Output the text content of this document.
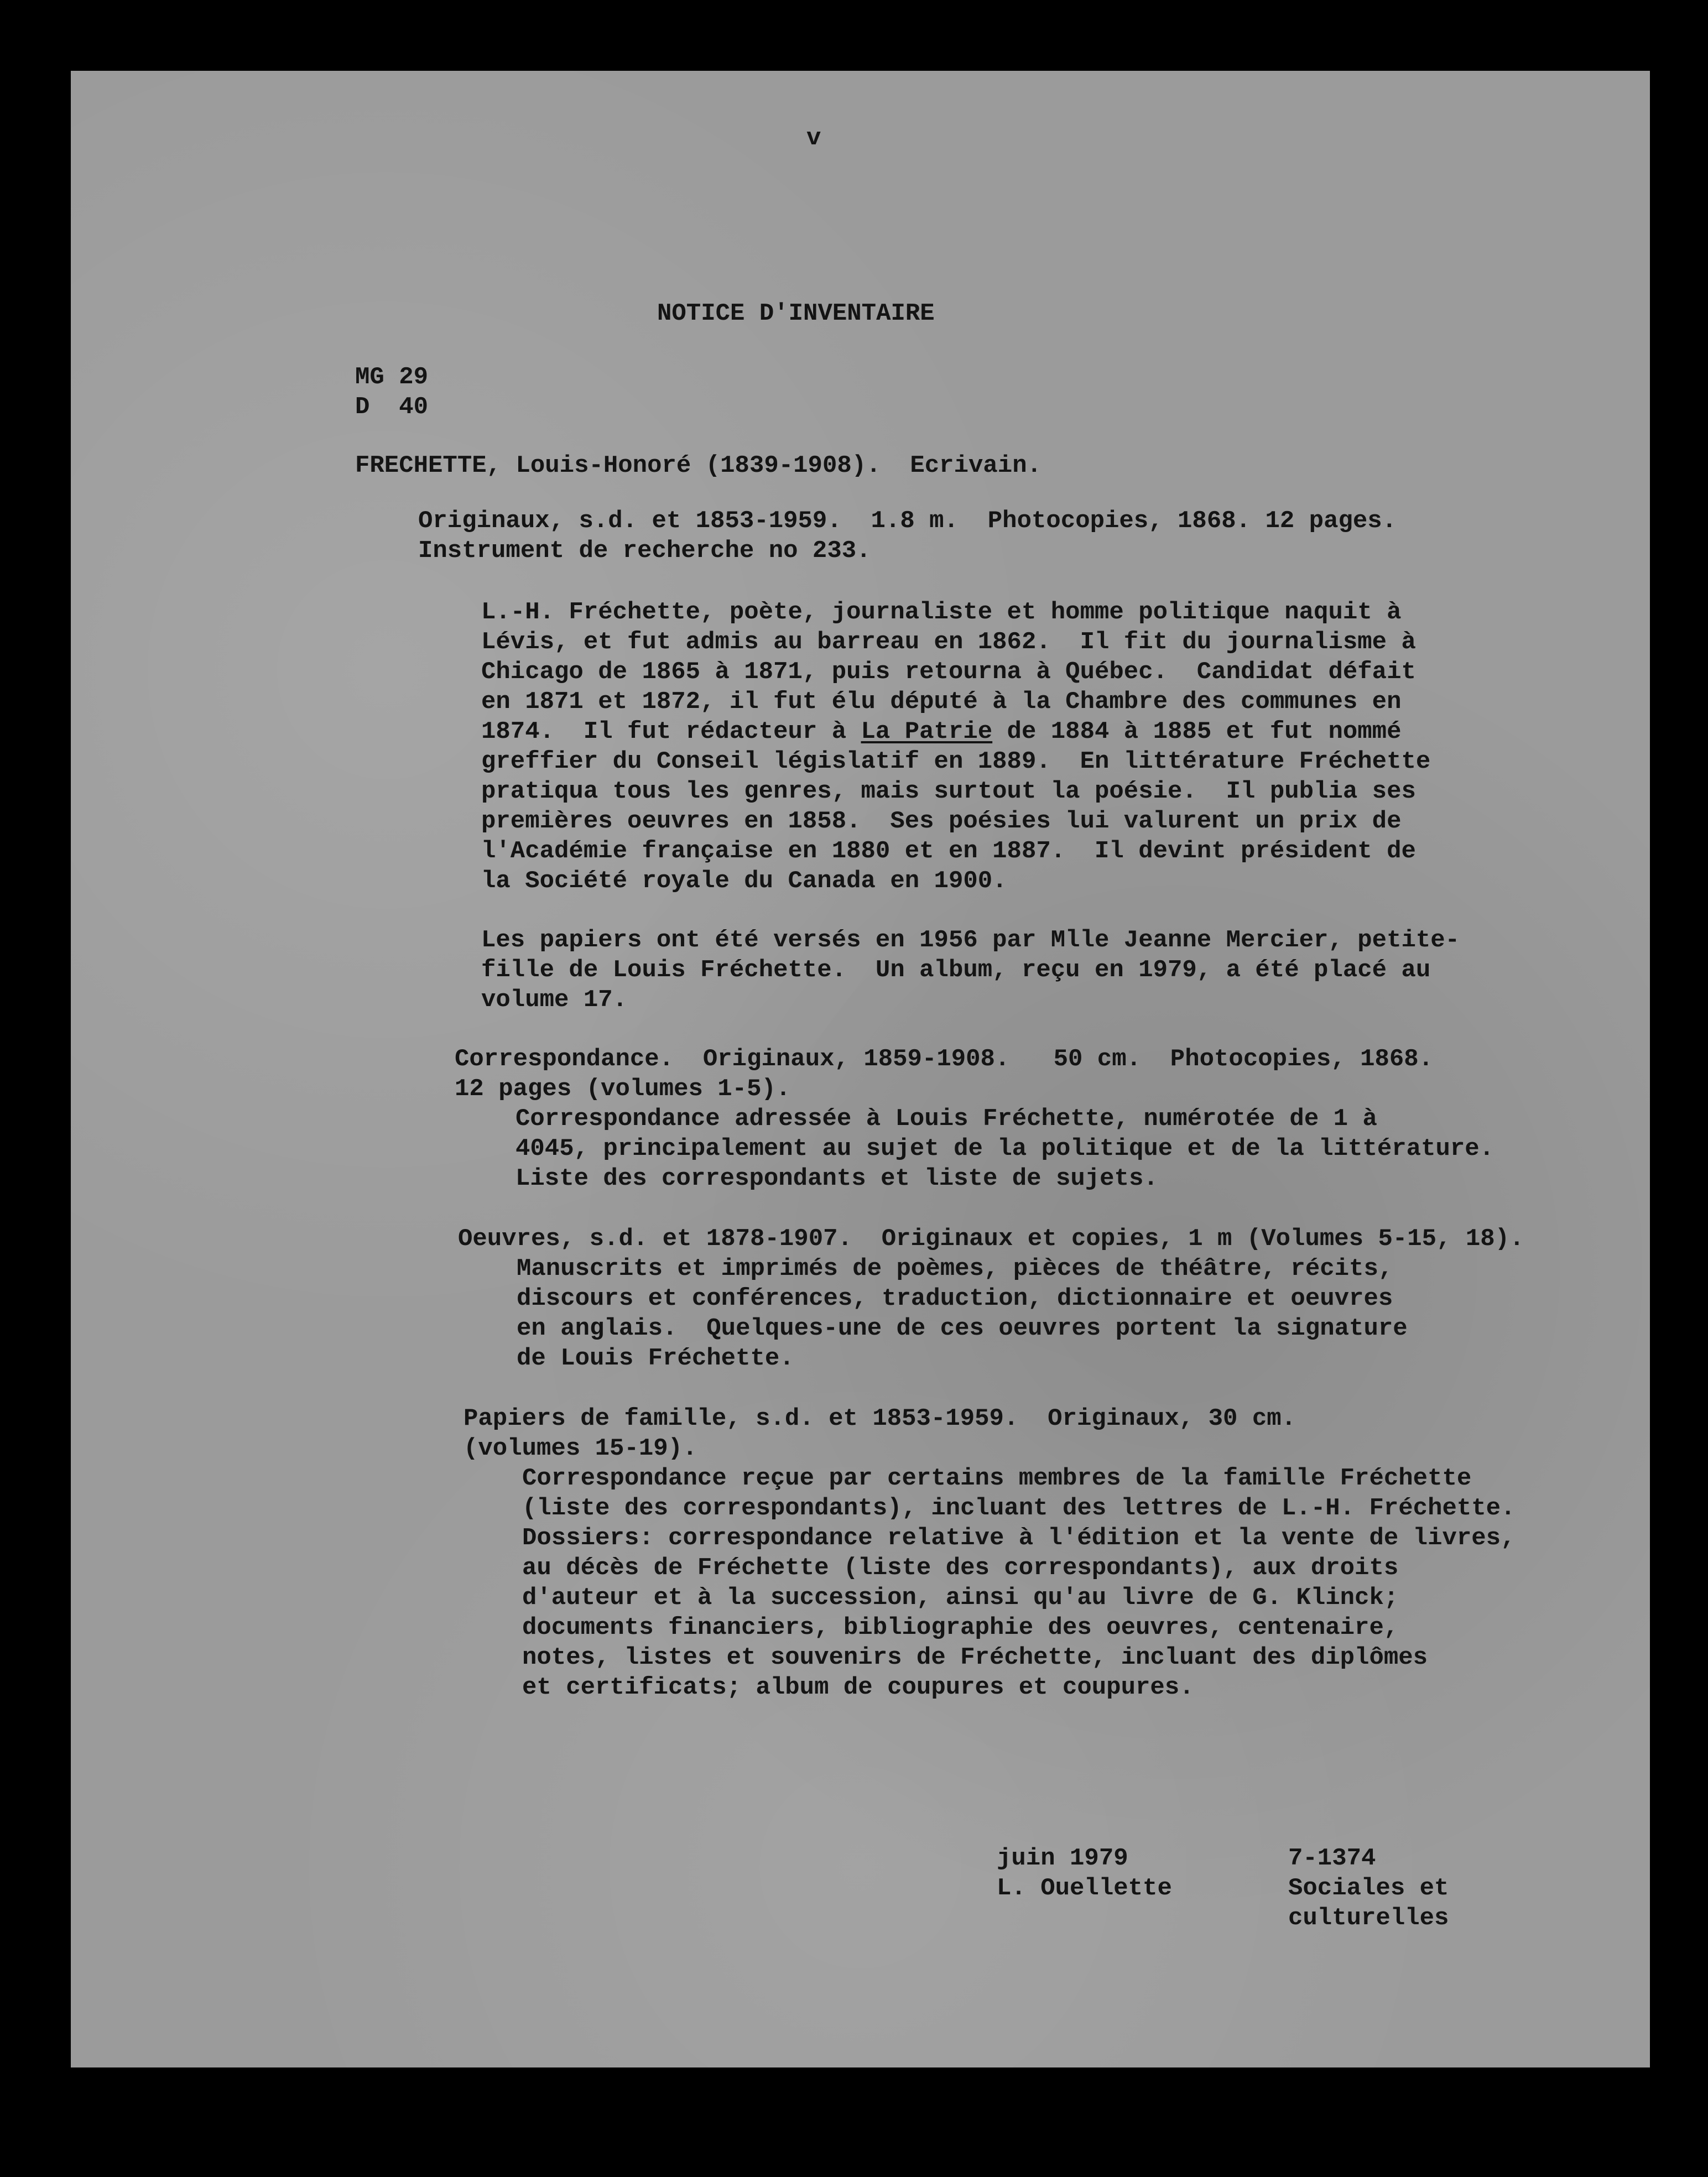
v

NOTICE D'INVENTAIRE

MG 29

D  40

FRECHETTE, Louis-Honoré (1839-1908).  Ecrivain.

Originaux, s.d. et 1853-1959.  1.8 m.  Photocopies, 1868. 12 pages.

Instrument de recherche no 233.

L.-H. Fréchette, poète, journaliste et homme politique naquit à

Lévis, et fut admis au barreau en 1862.  Il fit du journalisme à

Chicago de 1865 à 1871, puis retourna à Québec.  Candidat défait

en 1871 et 1872, il fut élu député à la Chambre des communes en

1874.  Il fut rédacteur à La Patrie de 1884 à 1885 et fut nommé

greffier du Conseil législatif en 1889.  En littérature Fréchette

pratiqua tous les genres, mais surtout la poésie.  Il publia ses

premières oeuvres en 1858.  Ses poésies lui valurent un prix de

l'Académie française en 1880 et en 1887.  Il devint président de

la Société royale du Canada en 1900.

Les papiers ont été versés en 1956 par Mlle Jeanne Mercier, petite-

fille de Louis Fréchette.  Un album, reçu en 1979, a été placé au

volume 17.

Correspondance.  Originaux, 1859-1908.   50 cm.  Photocopies, 1868.

12 pages (volumes 1-5).

Correspondance adressée à Louis Fréchette, numérotée de 1 à

4045, principalement au sujet de la politique et de la littérature.

Liste des correspondants et liste de sujets.

Oeuvres, s.d. et 1878-1907.  Originaux et copies, 1 m (Volumes 5-15, 18).

Manuscrits et imprimés de poèmes, pièces de théâtre, récits,

discours et conférences, traduction, dictionnaire et oeuvres

en anglais.  Quelques-une de ces oeuvres portent la signature

de Louis Fréchette.

Papiers de famille, s.d. et 1853-1959.  Originaux, 30 cm.

(volumes 15-19).

Correspondance reçue par certains membres de la famille Fréchette

(liste des correspondants), incluant des lettres de L.-H. Fréchette.

Dossiers: correspondance relative à l'édition et la vente de livres,

au décès de Fréchette (liste des correspondants), aux droits

d'auteur et à la succession, ainsi qu'au livre de G. Klinck;

documents financiers, bibliographie des oeuvres, centenaire,

notes, listes et souvenirs de Fréchette, incluant des diplômes

et certificats; album de coupures et coupures.

juin 1979

L. Ouellette

7-1374

Sociales et

culturelles
